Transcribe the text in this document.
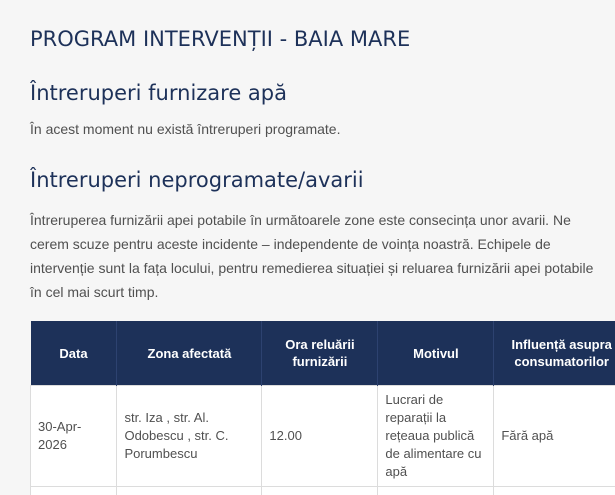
PROGRAM INTERVENȚII - BAIA MARE
Întreruperi furnizare apă

În acest moment nu există întreruperi programate.

Întreruperi neprogramate/avarii

Întreruperea furnizării apei potabile în următoarele zone este consecința unor avarii. Ne cerem scuze pentru aceste incidente – independente de voința noastră. Echipele de intervenție sunt la fața locului, pentru remedierea situației și reluarea furnizării apei potabile în cel mai scurt timp.

Data	Zona afectată	Ora reluării furnizării	Motivul	Influență asupra consumatorilor
30-Apr-2026	str. Iza , str. Al. Odobescu , str. C. Porumbescu	12.00	Lucrari de reparații la rețeaua publică de alimentare cu apă	Fără apă
